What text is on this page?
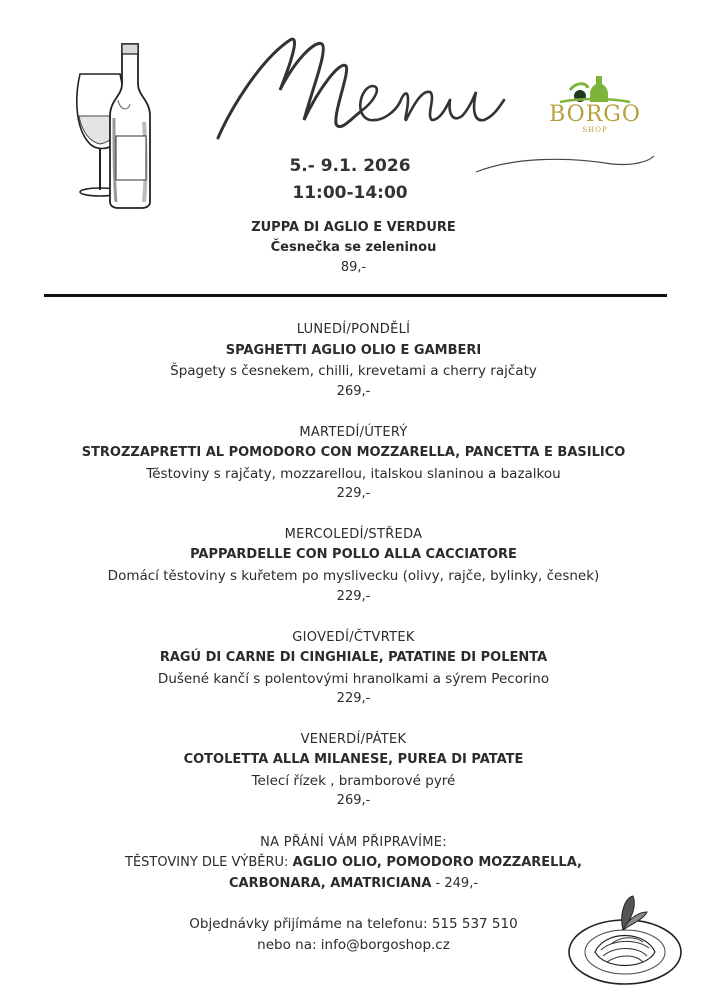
Menu
BORGO
SHOP
5.- 9.1. 2026
11:00-14:00
ZUPPA DI AGLIO E VERDURE
Česnečka se zeleninou
89,-
LUNEDÍ/PONDĚLÍ
SPAGHETTI AGLIO OLIO E GAMBERI
Špagety s česnekem, chilli, krevetami a cherry rajčaty
269,-
MARTEDÍ/ÚTERÝ
STROZZAPRETTI AL POMODORO CON MOZZARELLA, PANCETTA E BASILICO
Těstoviny s rajčaty, mozzarellou, italskou slaninou a bazalkou
229,-
MERCOLEDÍ/STŘEDA
PAPPARDELLE CON POLLO ALLA CACCIATORE
Domácí těstoviny s kuřetem po myslivecku (olivy, rajče, bylinky, česnek)
229,-
GIOVEDÍ/ČTVRTEK
RAGÚ DI CARNE DI CINGHIALE, PATATINE DI POLENTA
Dušené kančí s polentovými hranolkami a sýrem Pecorino
229,-
VENERDÍ/PÁTEK
COTOLETTA ALLA MILANESE, PUREA DI PATATE
Telecí řízek , bramborové pyré
269,-
NA PŘÁNÍ VÁM PŘIPRAVÍME:
TĚSTOVINY DLE VÝBĚRU: AGLIO OLIO, POMODORO MOZZARELLA,
CARBONARA, AMATRICIANA - 249,-
Objednávky přijímáme na telefonu: 515 537 510
nebo na: info@borgoshop.cz
